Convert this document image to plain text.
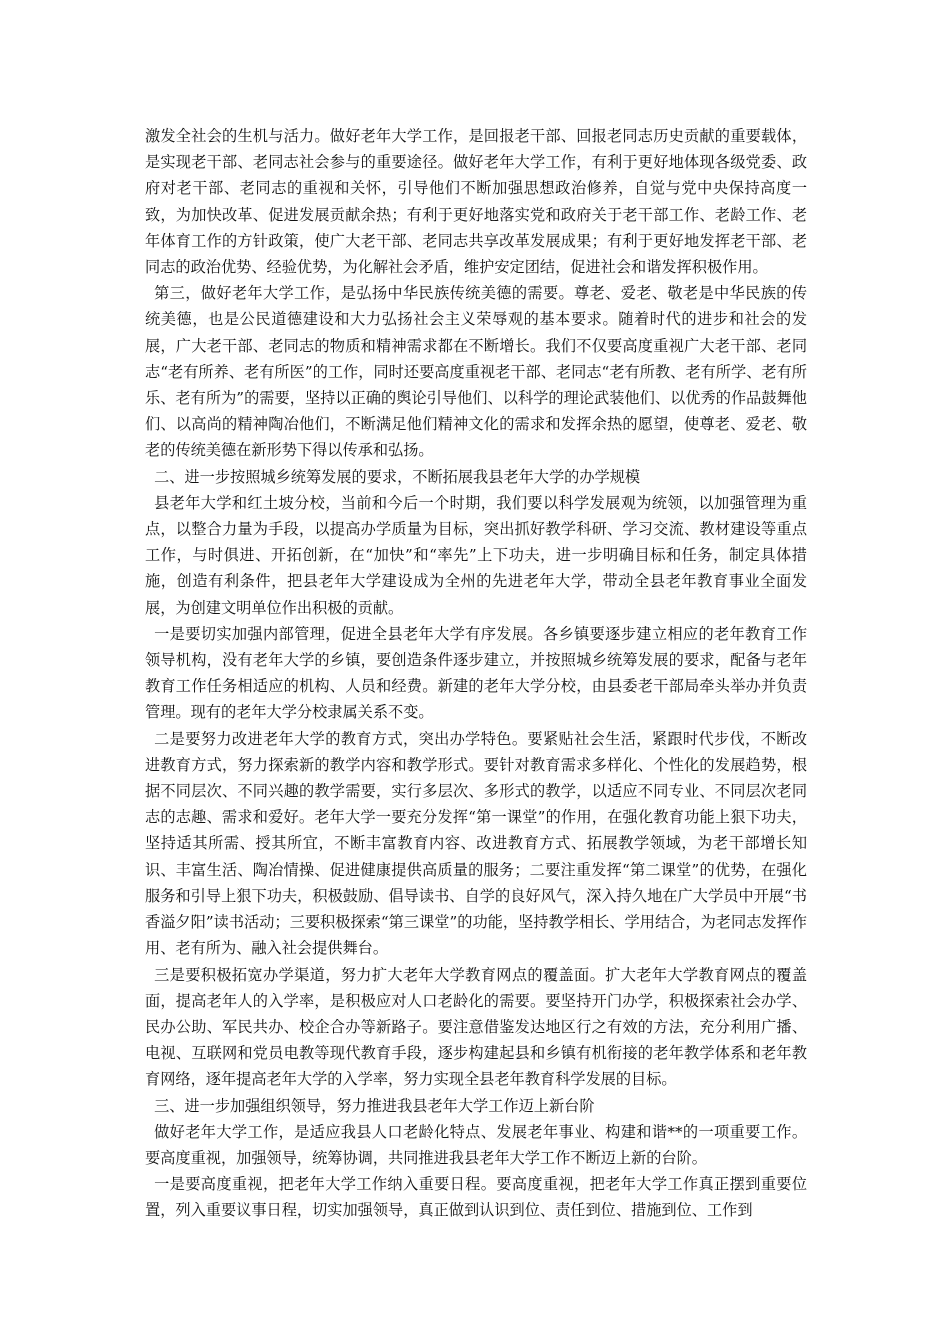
激发全社会的生机与活力。做好老年大学工作，是回报老干部、回报老同志历史贡献的重要载体，是实现老干部、老同志社会参与的重要途径。做好老年大学工作，有利于更好地体现各级党委、政府对老干部、老同志的重视和关怀，引导他们不断加强思想政治修养，自觉与党中央保持高度一致，为加快改革、促进发展贡献余热；有利于更好地落实党和政府关于老干部工作、老龄工作、老年体育工作的方针政策，使广大老干部、老同志共享改革发展成果；有利于更好地发挥老干部、老同志的政治优势、经验优势，为化解社会矛盾，维护安定团结，促进社会和谐发挥积极作用。

第三，做好老年大学工作，是弘扬中华民族传统美德的需要。尊老、爱老、敬老是中华民族的传统美德，也是公民道德建设和大力弘扬社会主义荣辱观的基本要求。随着时代的进步和社会的发展，广大老干部、老同志的物质和精神需求都在不断增长。我们不仅要高度重视广大老干部、老同志“老有所养、老有所医”的工作，同时还要高度重视老干部、老同志“老有所教、老有所学、老有所乐、老有所为”的需要，坚持以正确的舆论引导他们、以科学的理论武装他们、以优秀的作品鼓舞他们、以高尚的精神陶冶他们，不断满足他们精神文化的需求和发挥余热的愿望，使尊老、爱老、敬老的传统美德在新形势下得以传承和弘扬。

二、进一步按照城乡统筹发展的要求，不断拓展我县老年大学的办学规模

县老年大学和红土坡分校，当前和今后一个时期，我们要以科学发展观为统领，以加强管理为重点，以整合力量为手段，以提高办学质量为目标，突出抓好教学科研、学习交流、教材建设等重点工作，与时俱进、开拓创新，在“加快”和“率先”上下功夫，进一步明确目标和任务，制定具体措施，创造有利条件，把县老年大学建设成为全州的先进老年大学，带动全县老年教育事业全面发展，为创建文明单位作出积极的贡献。

一是要切实加强内部管理，促进全县老年大学有序发展。各乡镇要逐步建立相应的老年教育工作领导机构，没有老年大学的乡镇，要创造条件逐步建立，并按照城乡统筹发展的要求，配备与老年教育工作任务相适应的机构、人员和经费。新建的老年大学分校，由县委老干部局牵头举办并负责管理。现有的老年大学分校隶属关系不变。

二是要努力改进老年大学的教育方式，突出办学特色。要紧贴社会生活，紧跟时代步伐，不断改进教育方式，努力探索新的教学内容和教学形式。要针对教育需求多样化、个性化的发展趋势，根据不同层次、不同兴趣的教学需要，实行多层次、多形式的教学，以适应不同专业、不同层次老同志的志趣、需求和爱好。老年大学一要充分发挥“第一课堂”的作用，在强化教育功能上狠下功夫，坚持适其所需、授其所宜，不断丰富教育内容、改进教育方式、拓展教学领域，为老干部增长知识、丰富生活、陶冶情操、促进健康提供高质量的服务；二要注重发挥“第二课堂”的优势，在强化服务和引导上狠下功夫，积极鼓励、倡导读书、自学的良好风气，深入持久地在广大学员中开展“书香溢夕阳”读书活动；三要积极探索“第三课堂”的功能，坚持教学相长、学用结合，为老同志发挥作用、老有所为、融入社会提供舞台。

三是要积极拓宽办学渠道，努力扩大老年大学教育网点的覆盖面。扩大老年大学教育网点的覆盖面，提高老年人的入学率，是积极应对人口老龄化的需要。要坚持开门办学，积极探索社会办学、民办公助、军民共办、校企合办等新路子。要注意借鉴发达地区行之有效的方法，充分利用广播、电视、互联网和党员电教等现代教育手段，逐步构建起县和乡镇有机衔接的老年教学体系和老年教育网络，逐年提高老年大学的入学率，努力实现全县老年教育科学发展的目标。

三、进一步加强组织领导，努力推进我县老年大学工作迈上新台阶

做好老年大学工作，是适应我县人口老龄化特点、发展老年事业、构建和谐**的一项重要工作。要高度重视，加强领导，统筹协调，共同推进我县老年大学工作不断迈上新的台阶。

一是要高度重视，把老年大学工作纳入重要日程。要高度重视，把老年大学工作真正摆到重要位置，列入重要议事日程，切实加强领导，真正做到认识到位、责任到位、措施到位、工作到
